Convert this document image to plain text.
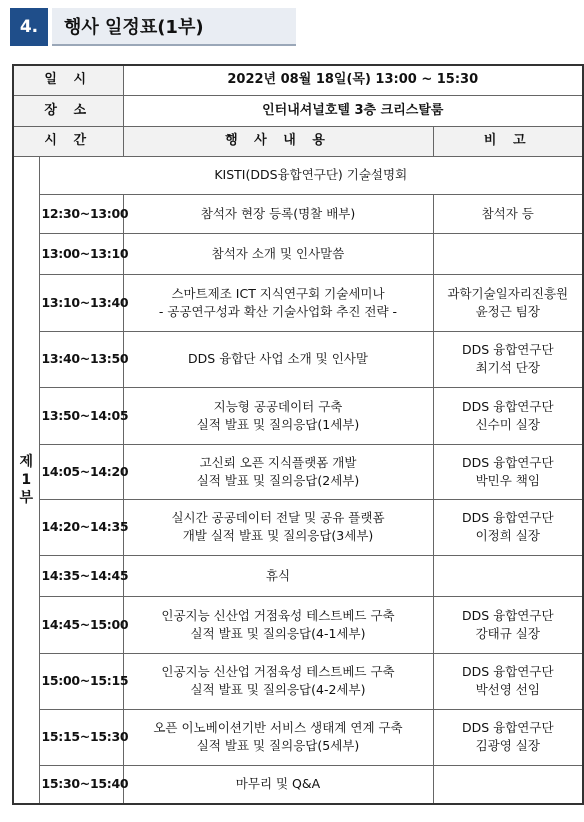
4.	행사 일정표(1부)
일 시		2022년 08월 18일(목) 13:00 ~ 15:30	
장 소		인터내셔널호텔 3층 크리스탈룸	
시 간		행 사 내 용	비 고

제
1
부	KISTI(DDS융합연구단) 기술설명회		
	12:30~13:00	참석자 현장 등록(명찰 배부)	참석자 등

	13:00~13:10	참석자 소개 및 인사말씀	

	13:10~13:40	스마트제조 ICT 지식연구회 기술세미나
- 공공연구성과 확산 기술사업화 추진 전략 -	과학기술일자리진흥원
윤정근 팀장

	13:40~13:50	DDS 융합단 사업 소개 및 인사말	DDS 융합연구단
최기석 단장

	13:50~14:05	지능형 공공데이터 구축
실적 발표 및 질의응답(1세부)	DDS 융합연구단
신수미 실장

	14:05~14:20	고신뢰 오픈 지식플랫폼 개발
실적 발표 및 질의응답(2세부)	DDS 융합연구단
박민우 책임

	14:20~14:35	실시간 공공데이터 전달 및 공유 플랫폼
개발 실적 발표 및 질의응답(3세부)	DDS 융합연구단
이정희 실장

	14:35~14:45	휴식	

	14:45~15:00	인공지능 신산업 거점육성 테스트베드 구축
실적 발표 및 질의응답(4-1세부)	DDS 융합연구단
강태규 실장

	15:00~15:15	인공지능 신산업 거점육성 테스트베드 구축
실적 발표 및 질의응답(4-2세부)	DDS 융합연구단
박선영 선임

	15:15~15:30	오픈 이노베이션기반 서비스 생태계 연계 구축
실적 발표 및 질의응답(5세부)	DDS 융합연구단
김광영 실장

	15:30~15:40	마무리 및 Q&A	
